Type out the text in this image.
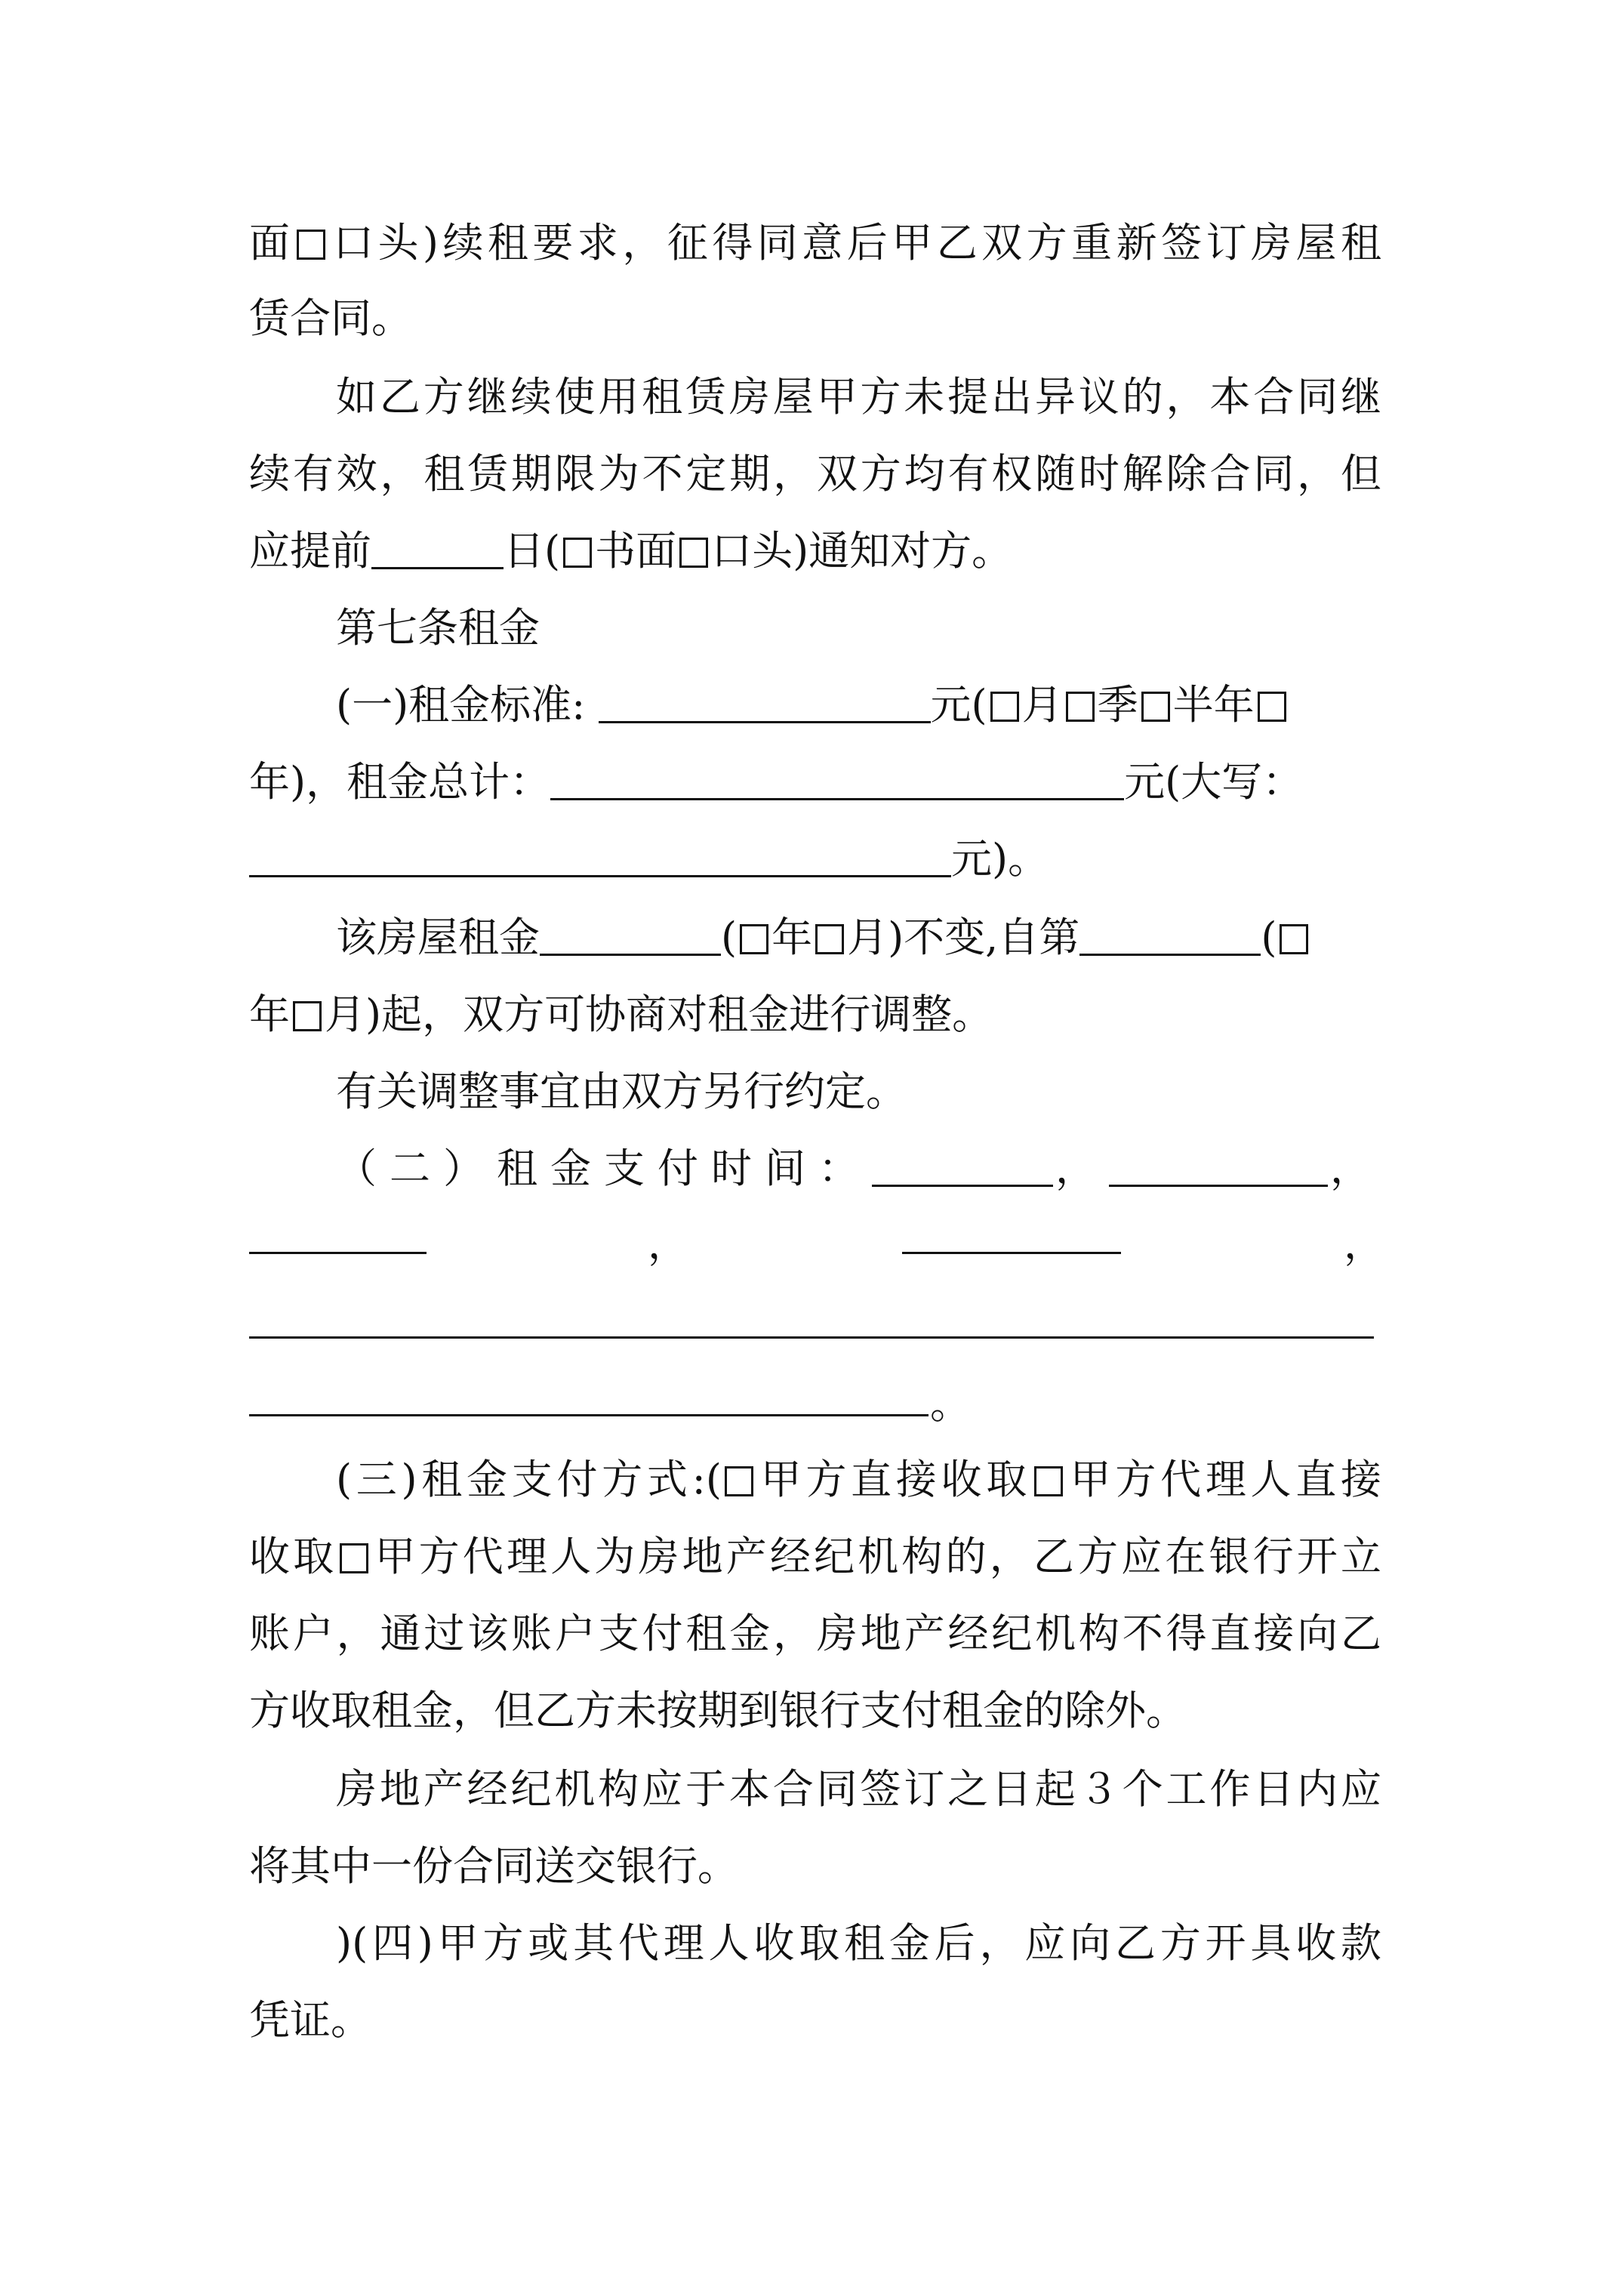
面 口头)续租要求，征得同意后甲乙双方重新签订房屋租
赁合同。
如乙方继续使用租赁房屋甲方未提出异议的，本合同继
续有效，租赁期限为不定期，双方均有权随时解除合同，但
应提前	日( 书面 口头)通知对方。
第七条租金
(一)租金标准:	元( 月 季 半年
年)，租金总计：	元(大写：
元)。
该房屋租金	( 年 月)不变,自第	(
年 月)起，双方可协商对租金进行调整。
有关调整事宜由双方另行约定。
（二）租金支付时间：	，	，
，	，
。
(三)租金支付方式:( 甲方直接收取 甲方代理人直接
收取 甲方代理人为房地产经纪机构的，乙方应在银行开立
账户，通过该账户支付租金，房地产经纪机构不得直接向乙
方收取租金，但乙方未按期到银行支付租金的除外。
房地产经纪机构应于本合同签订之日起３个工作日内应
将其中一份合同送交银行。
)(四)甲方或其代理人收取租金后，应向乙方开具收款
凭证。
